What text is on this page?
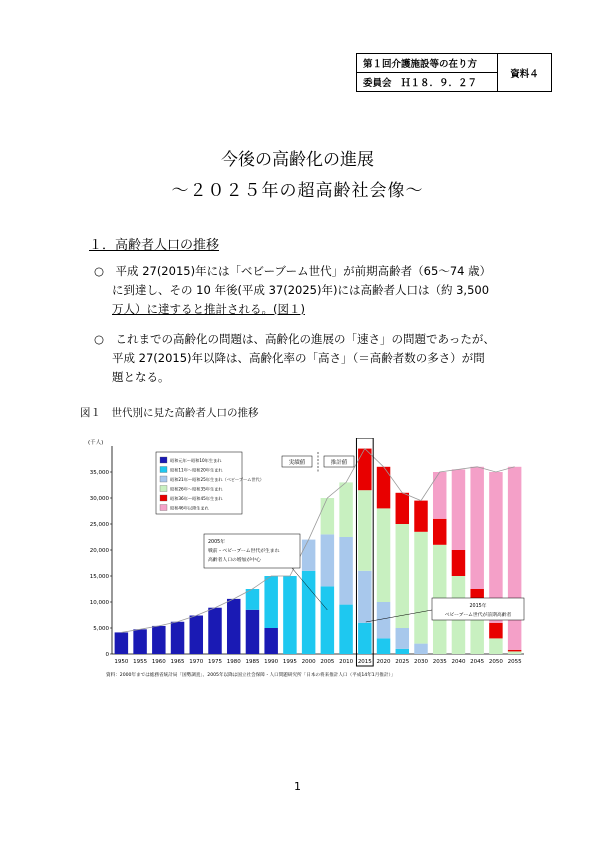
第１回介護施設等の在り方
委員会　Ｈ１８．９．２７
資料４
今後の高齢化の進展
～２０２５年の超高齢社会像～
１．高齢者人口の推移
○　平成 27(2015)年には「ベビーブーム世代」が前期高齢者（65～74 歳）
に到達し、その 10 年後(平成 37(2025)年)には高齢者人口は（約 3,500
万人）に達すると推計される。(図１)
○　これまでの高齢化の問題は、高齢化の進展の「速さ」の問題であったが、
平成 27(2015)年以降は、高齢化率の「高さ」（＝高齢者数の多さ）が問
題となる。
図１　世代別に見た高齢者人口の推移
(千人)
0
5,000
10,000
15,000
20,000
25,000
30,000
35,000
1950 1955 1960 1965 1970 1975 1980 1985 1990 1995 2000 2005 2010 2015 2020 2025 2030 2035 2040 2045 2050 2055
実績値	推計値
昭和元年～昭和10年生まれ
昭和11年～昭和20年生まれ
昭和21年～昭和25年生まれ（ベビーブーム世代）
昭和26年～昭和35年生まれ
昭和36年～昭和45年生まれ
昭和46年以降生まれ
2005年
戦前・ベビーブーム世代が生まれ
高齢者人口の増加が中心
2015年
ベビーブーム世代が前期高齢者
資料：2000年までは総務省統計局「国勢調査」、2005年以降は国立社会保障・人口問題研究所「日本の将来推計人口（平成14年1月推計）」
1
